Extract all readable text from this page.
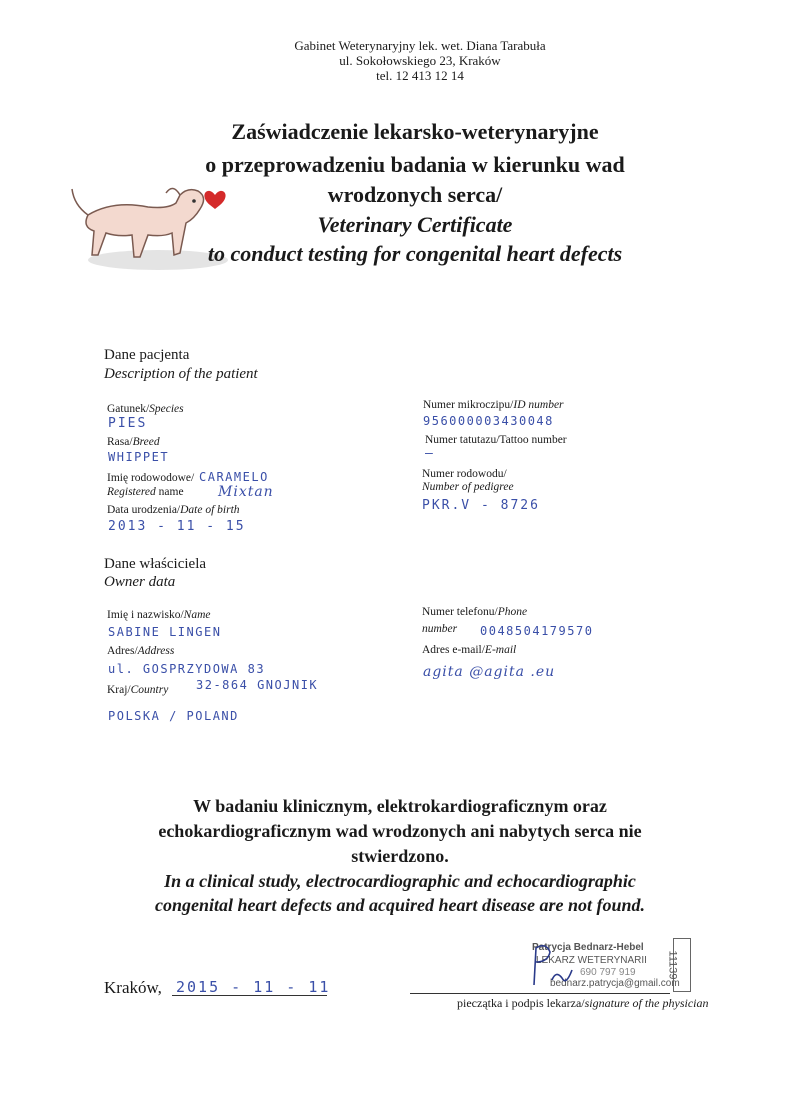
Gabinet Weterynaryjny lek. wet. Diana Tarabuła
ul. Sokołowskiego 23, Kraków
tel. 12 413 12 14
Zaświadczenie lekarsko-weterynaryjne
o przeprowadzeniu badania w kierunku wad
wrodzonych serca/
Veterinary Certificate
to conduct testing for congenital heart defects
Dane pacjenta
Description of the patient
Gatunek/Species
PIES
Rasa/Breed
WHIPPET
Imię rodowodowe/
Registered name
CARAMELO
Mixtan
Data urodzenia/Date of birth
2013 - 11 - 15
Numer mikroczipu/ID number
956000003430048
Numer tatutazu/Tattoo number
—
Numer rodowodu/
Number of pedigree
PKR.V - 8726
Dane właściciela
Owner data
Imię i nazwisko/Name
SABINE LINGEN
Adres/Address
ul. GOSPRZYDOWA 83
Kraj/Country 32-864 GNOJNIK
POLSKA / POLAND
Numer telefonu/Phone
number 0048504179570
Adres e-mail/E-mail
agita @agita .eu
W badaniu klinicznym, elektrokardiograficznym oraz
echokardiograficznym wad wrodzonych ani nabytych serca nie
stwierdzono.
In a clinical study, electrocardiographic and echocardiographic
congenital heart defects and acquired heart disease are not found.
Kraków, 2015 - 11 - 11
Patrycja Bednarz-Hebel
LEKARZ WETERYNARII
690 797 919
bednarz.patrycja@gmail.com
11139
pieczątka i podpis lekarza/signature of the physician
